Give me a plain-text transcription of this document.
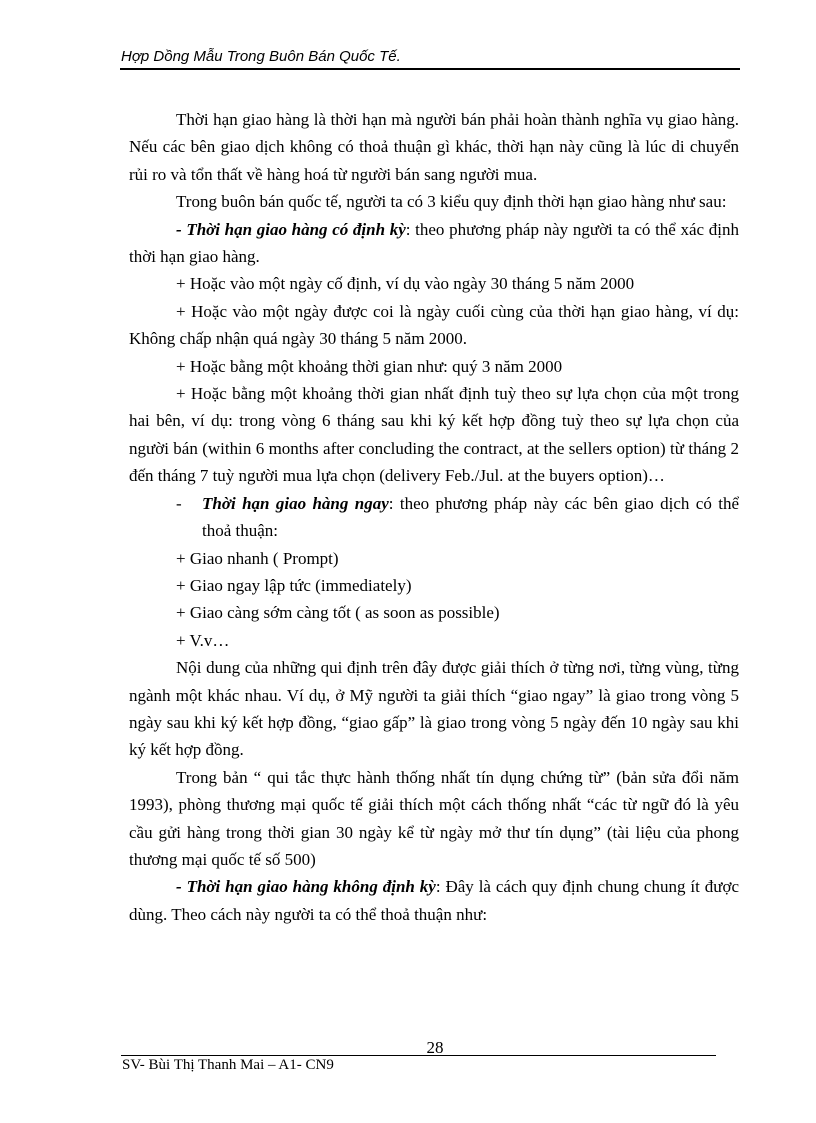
Hợp Dồng Mẫu Trong Buôn Bán Quốc Tế.

Thời hạn giao hàng là thời hạn mà người bán phải hoàn thành nghĩa vụ giao hàng. Nếu các bên giao dịch không có thoả thuận gì khác, thời hạn này cũng là lúc di chuyển rủi ro và tổn thất về hàng hoá từ người bán sang người mua.

Trong buôn bán quốc tế, người ta có 3 kiểu quy định thời hạn giao hàng như sau:

- Thời hạn giao hàng có định kỳ: theo phương pháp này người ta có thể xác định thời hạn giao hàng.

+ Hoặc vào một ngày cố định, ví dụ vào ngày 30 tháng 5 năm 2000

+ Hoặc vào một ngày được coi là ngày cuối cùng của thời hạn giao hàng, ví dụ: Không chấp nhận quá ngày 30 tháng 5 năm 2000.

+ Hoặc bằng một khoảng thời gian như: quý 3 năm 2000

+ Hoặc bằng một khoảng thời gian nhất định tuỳ theo sự lựa chọn của một trong hai bên, ví dụ: trong vòng 6 tháng sau khi ký kết hợp đồng tuỳ theo sự lựa chọn của người bán (within 6 months after concluding the contract, at the sellers option) từ tháng 2 đến tháng 7 tuỳ người mua lựa chọn (delivery Feb./Jul. at the buyers option)…

-	Thời hạn giao hàng ngay: theo phương pháp này các bên giao dịch có thể thoả thuận:

+ Giao nhanh ( Prompt)

+ Giao ngay lập tức (immediately)

+ Giao càng sớm càng tốt ( as soon as possible)

+ V.v…

Nội dung của những qui định trên đây được giải thích ở từng nơi, từng vùng, từng ngành một khác nhau. Ví dụ, ở Mỹ người ta giải thích “giao ngay” là giao trong vòng 5 ngày sau khi ký kết hợp đồng, “giao gấp” là giao trong vòng 5 ngày đến 10 ngày sau khi ký kết hợp đồng.

Trong bản “ qui tắc thực hành thống nhất tín dụng chứng từ” (bản sửa đổi năm 1993), phòng thương mại quốc tế giải thích một cách thống nhất “các từ ngữ đó là yêu cầu gửi hàng trong thời gian 30 ngày kể từ ngày mở thư tín dụng” (tài liệu của phong thương mại quốc tế số 500)

- Thời hạn giao hàng không định kỳ: Đây là cách quy định chung chung ít được dùng. Theo cách này người ta có thể thoả thuận như:

28
SV- Bùi Thị Thanh Mai – A1- CN9
